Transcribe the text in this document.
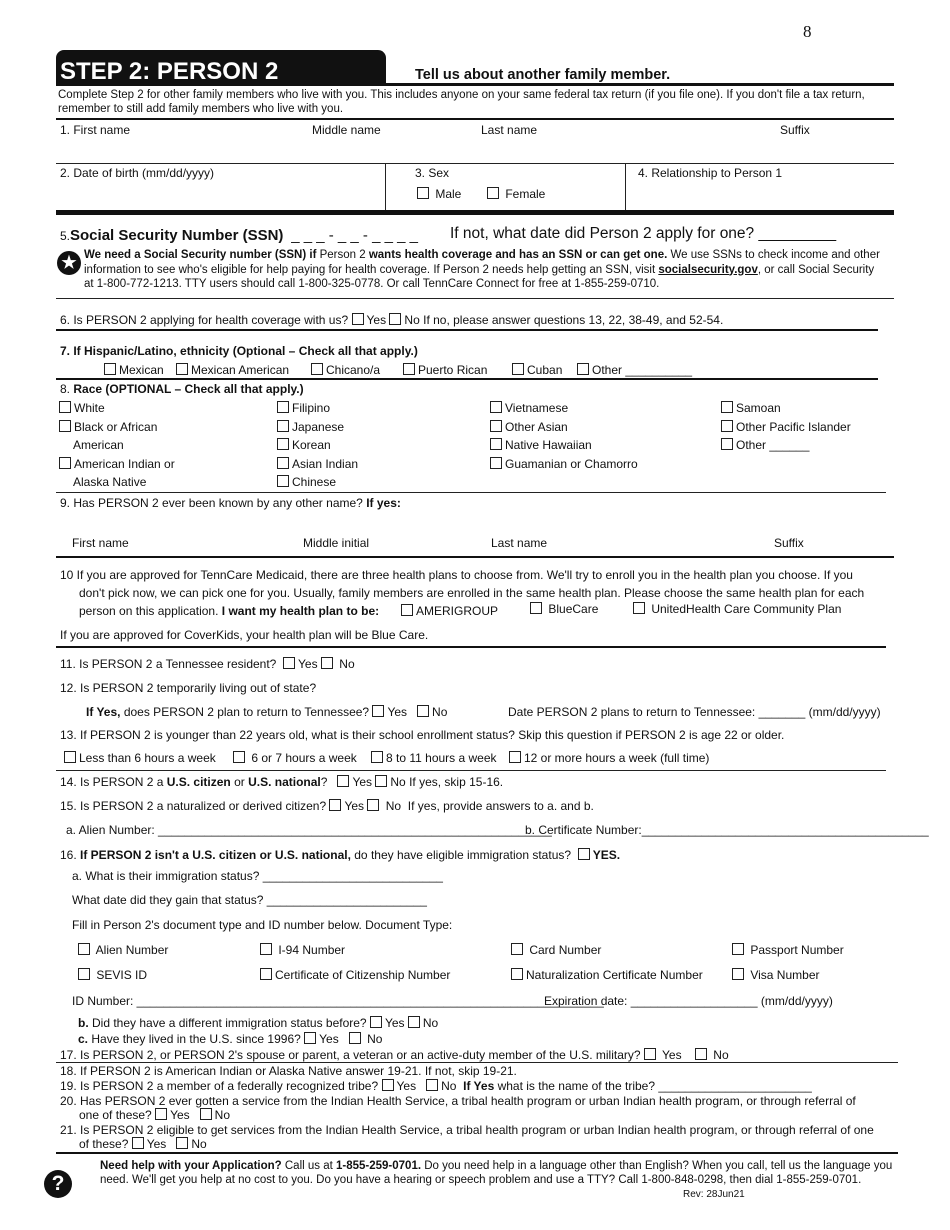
8
STEP 2: PERSON 2	Tell us about another family member.
Complete Step 2 for other family members who live with you. This includes anyone on your same federal tax return (if you file one). If you don't file a tax return, remember to still add family members who live with you.
1. First name	Middle name	Last name	Suffix
2. Date of birth (mm/dd/yyyy)	3. Sex
Male	Female
4. Relationship to Person 1
5.Social Security Number (SSN) _ _ _ - _ _ - _ _ _ _ If not, what date did Person 2 apply for one? _________
★ We need a Social Security number (SSN) if Person 2 wants health coverage and has an SSN or can get one. We use SSNs to check income and other information to see who's eligible for help paying for health coverage. If Person 2 needs help getting an SSN, visit socialsecurity.gov, or call Social Security at 1-800-772-1213. TTY users should call 1-800-325-0778. Or call TennCare Connect for free at 1-855-259-0710.
6. Is PERSON 2 applying for health coverage with us? Yes No If no, please answer questions 13, 22, 38-49, and 52-54.
7. If Hispanic/Latino, ethnicity (Optional – Check all that apply.)
Mexican	Mexican American	Chicano/a	Puerto Rican	Cuban	Other __________
8. Race (OPTIONAL – Check all that apply.)
White
Black or African
American
American Indian or
Alaska Native
Filipino
Japanese
Korean
Asian Indian
Chinese
Vietnamese
Other Asian
Native Hawaiian
Guamanian or Chamorro
Samoan
Other Pacific Islander
Other ______
9. Has PERSON 2 ever been known by any other name? If yes:
First name	Middle initial	Last name	Suffix
10 If you are approved for TennCare Medicaid, there are three health plans to choose from. We'll try to enroll you in the health plan you choose. If you
don't pick now, we can pick one for you. Usually, family members are enrolled in the same health plan. Please choose the same health plan for each
person on this application. I want my health plan to be:	AMERIGROUP	BlueCare	UnitedHealth Care Community Plan
If you are approved for CoverKids, your health plan will be Blue Care.
11. Is PERSON 2 a Tennessee resident? Yes No
12. Is PERSON 2 temporarily living out of state?
If Yes, does PERSON 2 plan to return to Tennessee? Yes No	Date PERSON 2 plans to return to Tennessee: _______ (mm/dd/yyyy)
13. If PERSON 2 is younger than 22 years old, what is their school enrollment status? Skip this question if PERSON 2 is age 22 or older.
Less than 6 hours a week	6 or 7 hours a week	8 to 11 hours a week	12 or more hours a week (full time)
14. Is PERSON 2 a U.S. citizen or U.S. national? Yes No If yes, skip 15-16.
15. Is PERSON 2 a naturalized or derived citizen? Yes No If yes, provide answers to a. and b.
a. Alien Number: ___________________________________________________________
b. Certificate Number:___________________________________________
16. If PERSON 2 isn't a U.S. citizen or U.S. national, do they have eligible immigration status? YES.
a. What is their immigration status? ___________________________
What date did they gain that status? ________________________
Fill in Person 2's document type and ID number below. Document Type:
Alien Number	I-94 Number	Card Number	Passport Number
SEVIS ID	Certificate of Citizenship Number	Naturalization Certificate Number	Visa Number
ID Number: ______________________________________________________________________
Expiration date: ___________________ (mm/dd/yyyy)
b. Did they have a different immigration status before? Yes No
c. Have they lived in the U.S. since 1996? Yes No
17. Is PERSON 2, or PERSON 2's spouse or parent, a veteran or an active-duty member of the U.S. military? Yes	No
18. If PERSON 2 is American Indian or Alaska Native answer 19-21. If not, skip 19-21.
19. Is PERSON 2 a member of a federally recognized tribe? Yes No If Yes what is the name of the tribe? _______________________
20. Has PERSON 2 ever gotten a service from the Indian Health Service, a tribal health program or urban Indian health program, or through referral of
one of these? Yes No
21. Is PERSON 2 eligible to get services from the Indian Health Service, a tribal health program or urban Indian health program, or through referral of one
of these? Yes No
?
Need help with your Application? Call us at 1-855-259-0701. Do you need help in a language other than English? When you call, tell us the language you need. We'll get you help at no cost to you. Do you have a hearing or speech problem and use a TTY? Call 1-800-848-0298, then dial 1-855-259-0701.
Rev: 28Jun21
